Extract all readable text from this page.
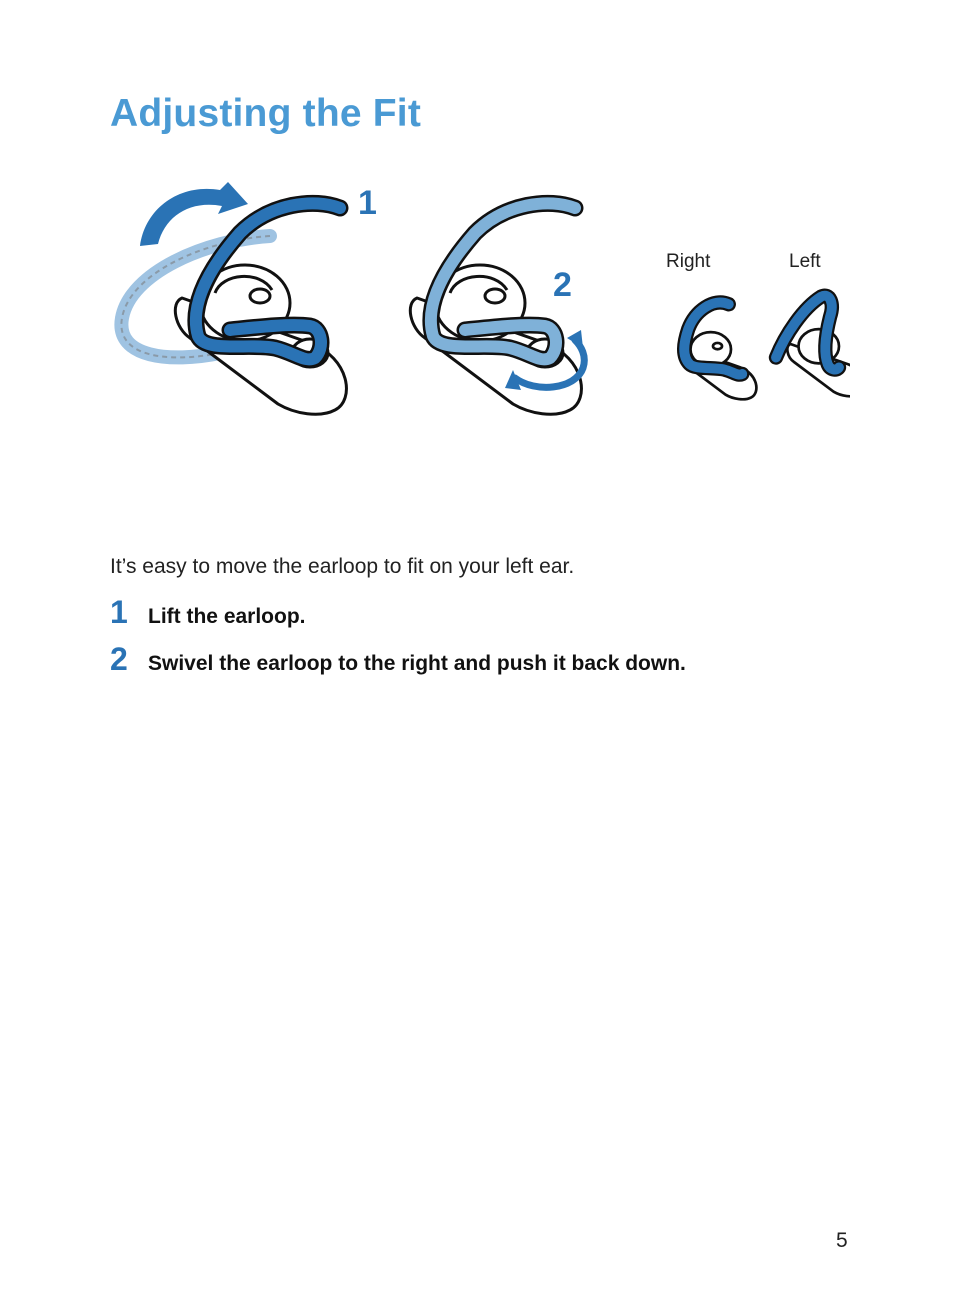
Adjusting the Fit
1
2
Right	Left

It’s easy to move the earloop to fit on your left ear.

1 Lift the earloop.
2 Swivel the earloop to the right and push it back down.
5
